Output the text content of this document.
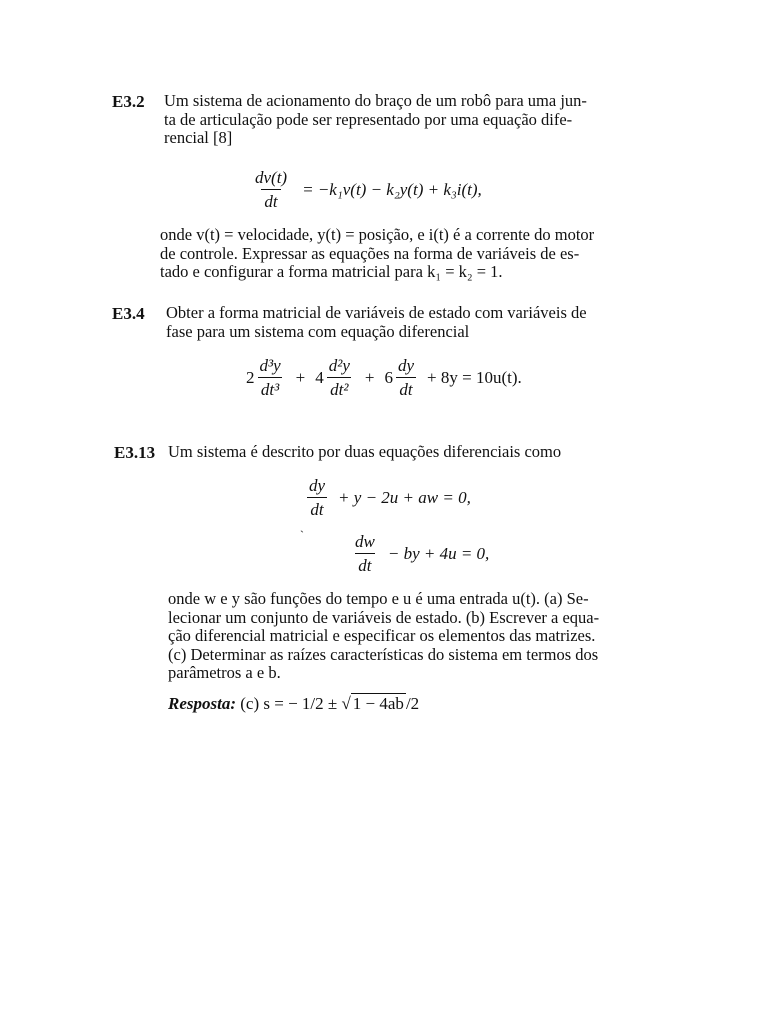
E3.2 Um sistema de acionamento do braço de um robô para uma jun-
ta de articulação pode ser representado por uma equação dife-
rencial [8]

$\frac{dv(t)}{dt} = -k_1v(t) - k_2y(t) + k_3i(t)$,

onde v(t) = velocidade, y(t) = posição, e i(t) é a corrente do motor
de controle. Expressar as equações na forma de variáveis de es-
tado e configurar a forma matricial para k₁ = k₂ = 1.

E3.4 Obter a forma matricial de variáveis de estado com variáveis de
fase para um sistema com equação diferencial

$2 \frac{\text{d³y}}{\text{dt³}} + 4 \frac{\text{d²y}}{\text{dt²}} + 6 \frac{dy}{dt} + 8y = 10u(t)$.
E3.13 Um sistema é descrito por duas equações diferenciais como

$\frac{dy}{dt} + y - 2u$ + aw = 0,
`	$\frac{dw}{dt}$ − by + 4u = 0,

onde w e y são funções do tempo e u é uma entrada u(t). (a) Se-
lecionar um conjunto de variáveis de estado. (b) Escrever a equa-
ção diferencial matricial e especificar os elementos das matrizes.
(c) Determinar as raízes características do sistema em termos dos
parâmetros a e b.

Resposta: (c) s = − 1/2 ± √ 1 − 4ab /2
